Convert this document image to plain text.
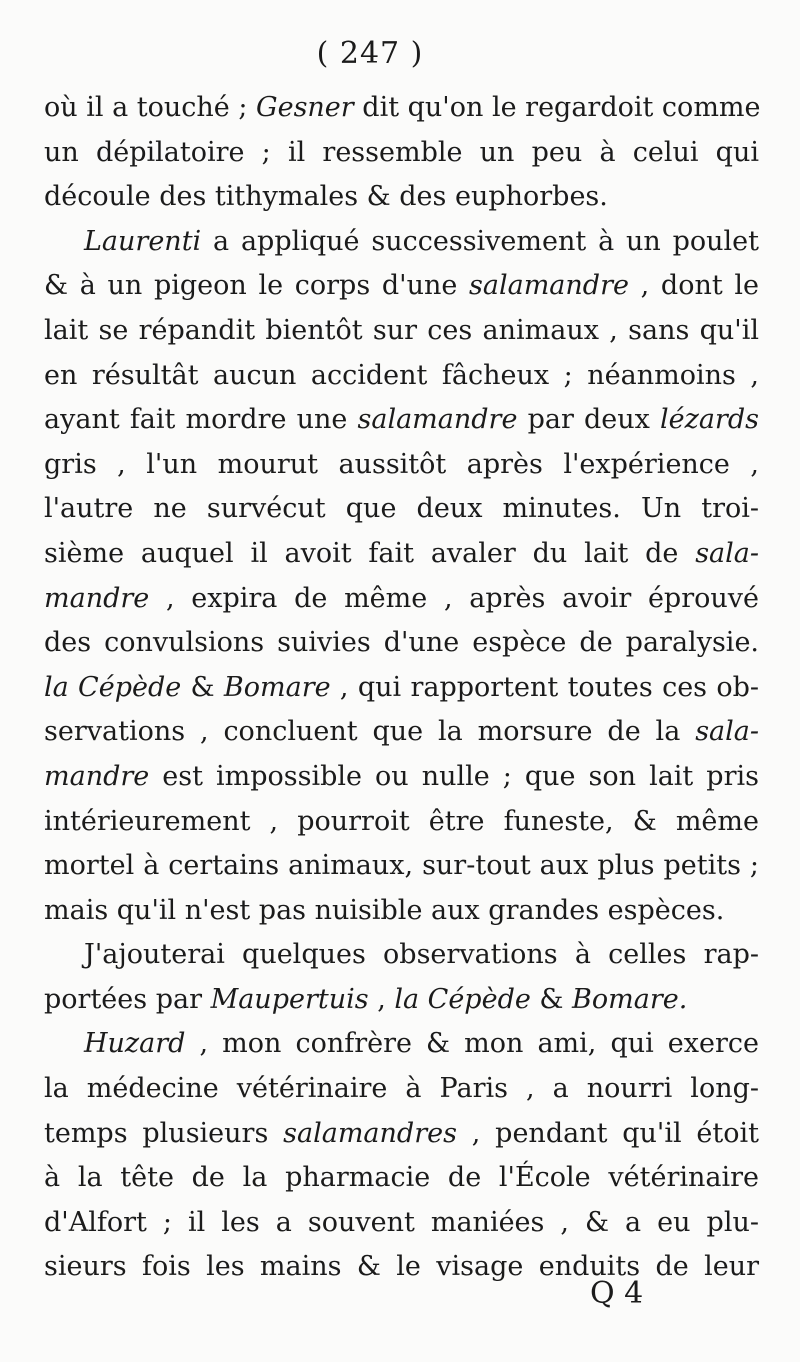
( 247 )
où il a touché ; Gesner dit qu'on le regardoit comme
un dépilatoire ; il ressemble un peu à celui qui
découle des tithymales & des euphorbes.
Laurenti a appliqué successivement à un poulet
& à un pigeon le corps d'une salamandre , dont le
lait se répandit bientôt sur ces animaux , sans qu'il
en résultât aucun accident fâcheux ; néanmoins ,
ayant fait mordre une salamandre par deux lézards
gris , l'un mourut aussitôt après l'expérience ,
l'autre ne survécut que deux minutes. Un troi-
sième auquel il avoit fait avaler du lait de sala-
mandre , expira de même , après avoir éprouvé
des convulsions suivies d'une espèce de paralysie.
la Cépède & Bomare , qui rapportent toutes ces ob-
servations , concluent que la morsure de la sala-
mandre est impossible ou nulle ; que son lait pris
intérieurement , pourroit être funeste, & même
mortel à certains animaux, sur-tout aux plus petits ;
mais qu'il n'est pas nuisible aux grandes espèces.
J'ajouterai quelques observations à celles rap-
portées par Maupertuis , la Cépède & Bomare.
Huzard , mon confrère & mon ami, qui exerce
la médecine vétérinaire à Paris , a nourri long-
temps plusieurs salamandres , pendant qu'il étoit
à la tête de la pharmacie de l'École vétérinaire
d'Alfort ; il les a souvent maniées , & a eu plu-
sieurs fois les mains & le visage enduits de leur
Q 4
